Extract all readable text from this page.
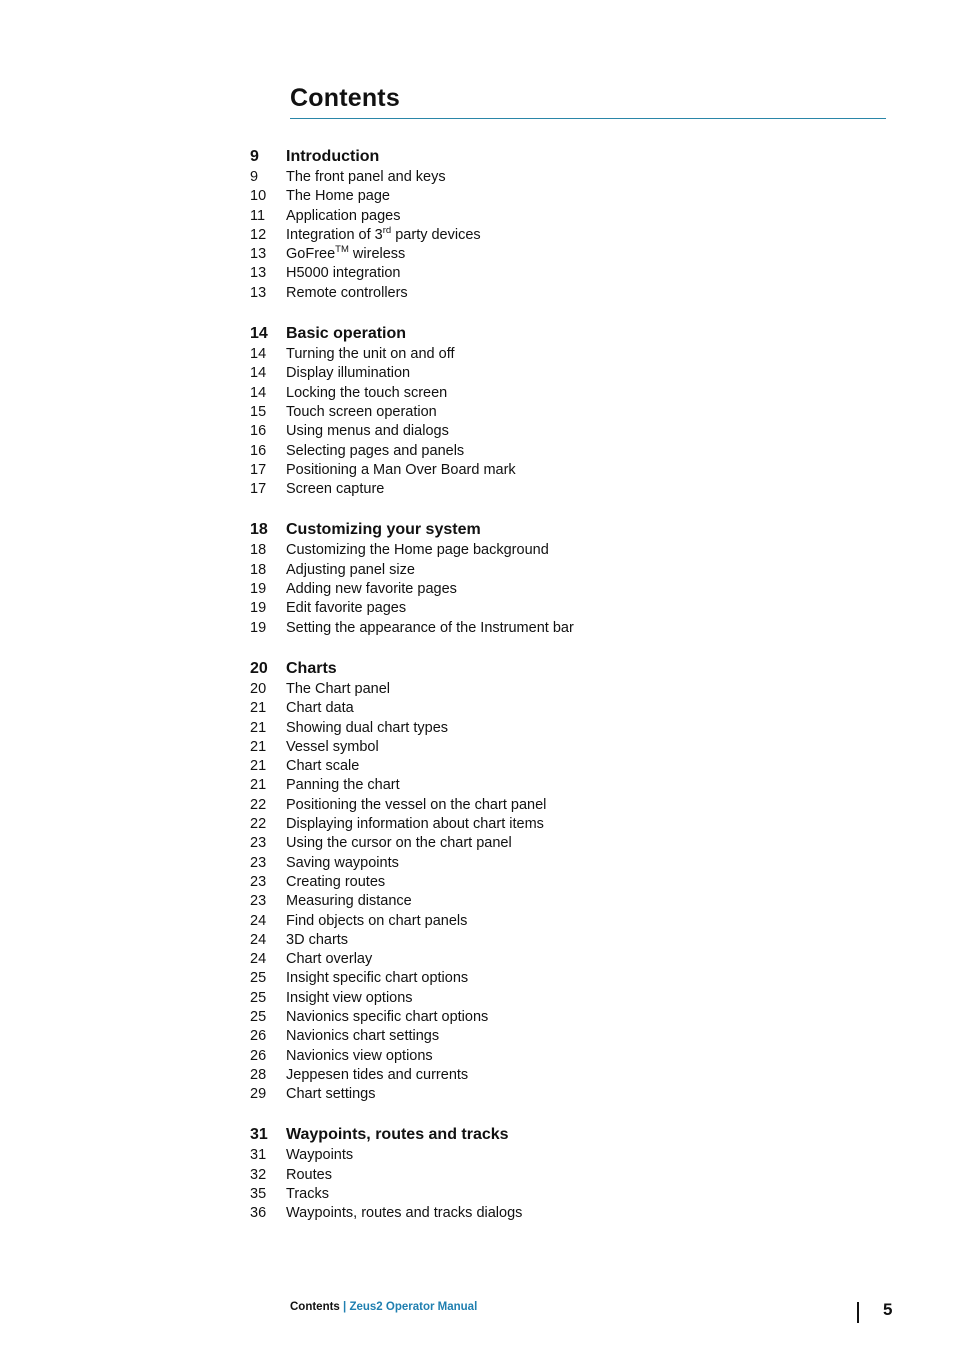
Contents
9	Introduction
9	The front panel and keys
10	The Home page
11	Application pages
12	Integration of 3rd party devices
13	GoFree™ wireless
13	H5000 integration
13	Remote controllers
14	Basic operation
14	Turning the unit on and off
14	Display illumination
14	Locking the touch screen
15	Touch screen operation
16	Using menus and dialogs
16	Selecting pages and panels
17	Positioning a Man Over Board mark
17	Screen capture
18	Customizing your system
18	Customizing the Home page background
18	Adjusting panel size
19	Adding new favorite pages
19	Edit favorite pages
19	Setting the appearance of the Instrument bar
20	Charts
20	The Chart panel
21	Chart data
21	Showing dual chart types
21	Vessel symbol
21	Chart scale
21	Panning the chart
22	Positioning the vessel on the chart panel
22	Displaying information about chart items
23	Using the cursor on the chart panel
23	Saving waypoints
23	Creating routes
23	Measuring distance
24	Find objects on chart panels
24	3D charts
24	Chart overlay
25	Insight specific chart options
25	Insight view options
25	Navionics specific chart options
26	Navionics chart settings
26	Navionics view options
28	Jeppesen tides and currents
29	Chart settings
31	Waypoints, routes and tracks
31	Waypoints
32	Routes
35	Tracks
36	Waypoints, routes and tracks dialogs
Contents | Zeus2 Operator Manual	5
